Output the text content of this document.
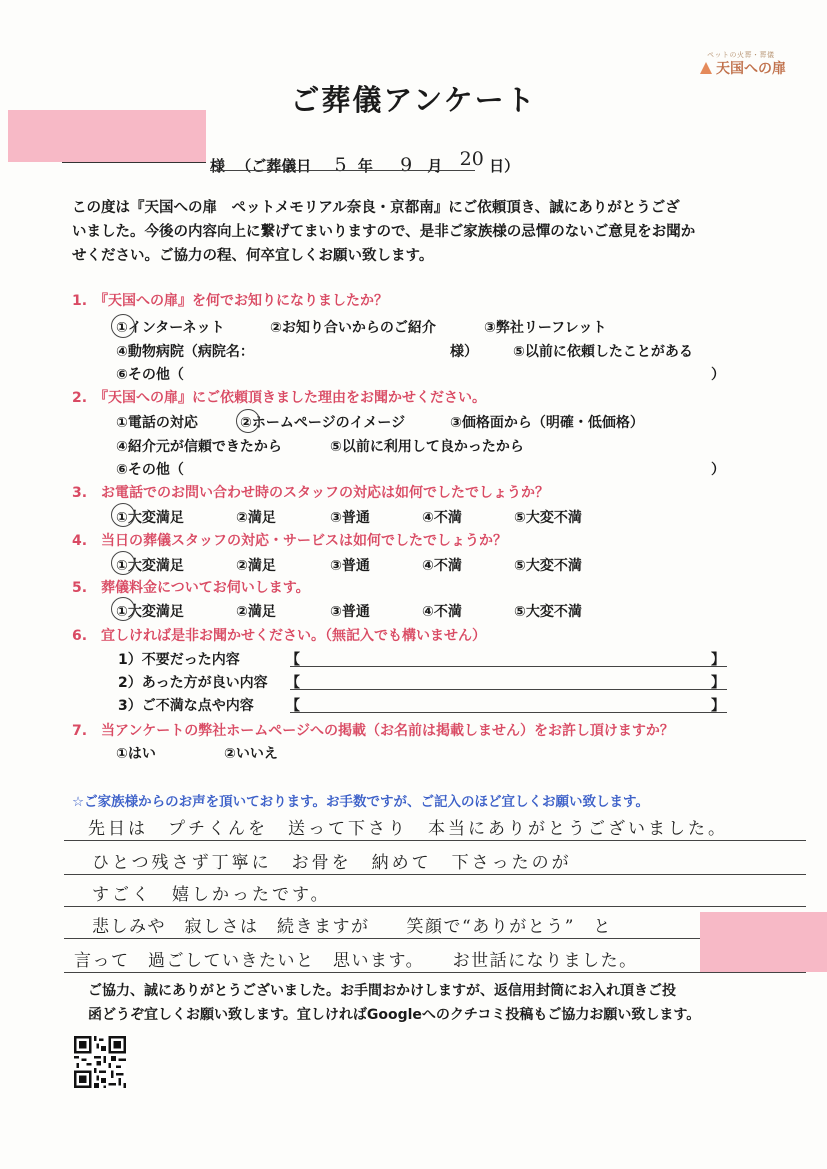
ペットの火葬・葬儀
天国への扉
ご葬儀アンケート
様 （ご葬儀日 5 年 9 月 20 日）

この度は『天国への扉　ペットメモリアル奈良・京都南』にご依頼頂き、誠にありがとうござ

いました。今後の内容向上に繋げてまいりますので、是非ご家族様の忌憚のないご意見をお聞か

せください。ご協力の程、何卒宜しくお願い致します。

1.　『天国への扉』を何でお知りになりましたか？
①インターネット	②お知り合いからのご紹介	③弊社リーフレット
④動物病院（病院名：	様）	⑤以前に依頼したことがある
⑥その他（	）
2.　『天国への扉』にご依頼頂きました理由をお聞かせください。
①電話の対応	②ホームページのイメージ	③価格面から（明確・低価格）
④紹介元が信頼できたから	⑤以前に利用して良かったから
⑥その他（	）
3.　お電話でのお問い合わせ時のスタッフの対応は如何でしたでしょうか？
①大変満足	②満足	③普通	④不満	⑤大変不満
4.　当日の葬儀スタッフの対応・サービスは如何でしたでしょうか？
①大変満足	②満足	③普通	④不満	⑤大変不満
5.　葬儀料金についてお伺いします。
①大変満足	②満足	③普通	④不満	⑤大変不満
6.　宜しければ是非お聞かせください。（無記入でも構いません）
1）不要だった内容	【	】
2）あった方が良い内容 【	】
3）ご不満な点や内容 【	】
7.　当アンケートの弊社ホームページへの掲載（お名前は掲載しません）をお許し頂けますか？
①はい	②いいえ
☆ご家族様からのお声を頂いております。お手数ですが、ご記入のほど宜しくお願い致します。
先日は　プチくんを　送って下さり　本当にありがとうございました。
ひとつ残さず丁寧に　お骨を　納めて　下さったのが
すごく　嬉しかったです。
悲しみや　寂しさは　続きますが　　笑顔で“ありがとう”　と
言って　過ごしていきたいと　思います。　　お世話になりました。

ご協力、誠にありがとうございました。お手間おかけしますが、返信用封筒にお入れ頂きご投

函どうぞ宜しくお願い致します。宜しければGoogleへのクチコミ投稿もご協力お願い致します。
